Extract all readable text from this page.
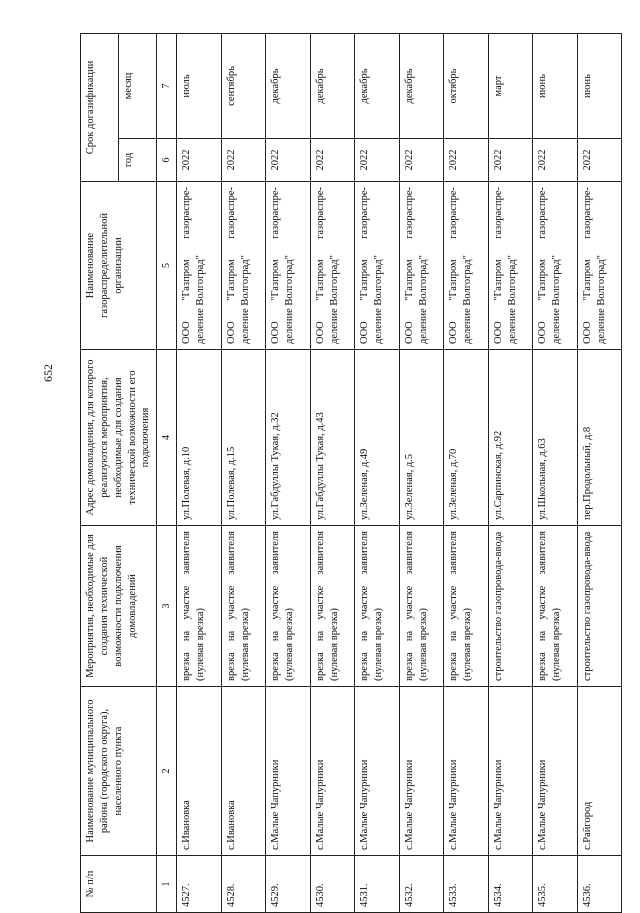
652
№ п/п	Наименование муниципального района (городского округа), населенного пункта	Мероприятия, необходимые для создания технической возможности подключения домовладений	Адрес домовладения, для которого реализуются мероприятия, необходимые для создания технической возможности его подключения	Наименование газораспределительной организации	Срок догазификации	
					год	месяц
1	2	3	4	5	6	7
4527.	с.Ивановка	врезка на участке заявителя (нулевая врезка)	ул.Полевая, д.10	ООО "Газпром газораспре-деление Волгоград"	2022	июль
4528.	с.Ивановка	врезка на участке заявителя (нулевая врезка)	ул.Полевая, д.15	ООО "Газпром газораспре-деление Волгоград"	2022	сентябрь
4529.	с.Малые Чапурники	врезка на участке заявителя (нулевая врезка)	ул.Габдуллы Тукая, д.32	ООО "Газпром газораспре-деление Волгоград"	2022	декабрь
4530.	с.Малые Чапурники	врезка на участке заявителя (нулевая врезка)	ул.Габдуллы Тукая, д.43	ООО "Газпром газораспре-деление Волгоград"	2022	декабрь
4531.	с.Малые Чапурники	врезка на участке заявителя (нулевая врезка)	ул.Зеленая, д.49	ООО "Газпром газораспре-деление Волгоград"	2022	декабрь
4532.	с.Малые Чапурники	врезка на участке заявителя (нулевая врезка)	ул.Зеленая, д.5	ООО "Газпром газораспре-деление Волгоград"	2022	декабрь
4533.	с.Малые Чапурники	врезка на участке заявителя (нулевая врезка)	ул.Зеленая, д.70	ООО "Газпром газораспре-деление Волгоград"	2022	октябрь
4534.	с.Малые Чапурники	строительство газопровода-ввода	ул.Сарпинская, д.92	ООО "Газпром газораспре-деление Волгоград"	2022	март
4535.	с.Малые Чапурники	врезка на участке заявителя (нулевая врезка)	ул.Школьная, д.63	ООО "Газпром газораспре-деление Волгоград"	2022	июнь
4536.	с.Райгород	строительство газопровода-ввода	пер.Продольный, д.8	ООО "Газпром газораспре-деление Волгоград"	2022	июнь
